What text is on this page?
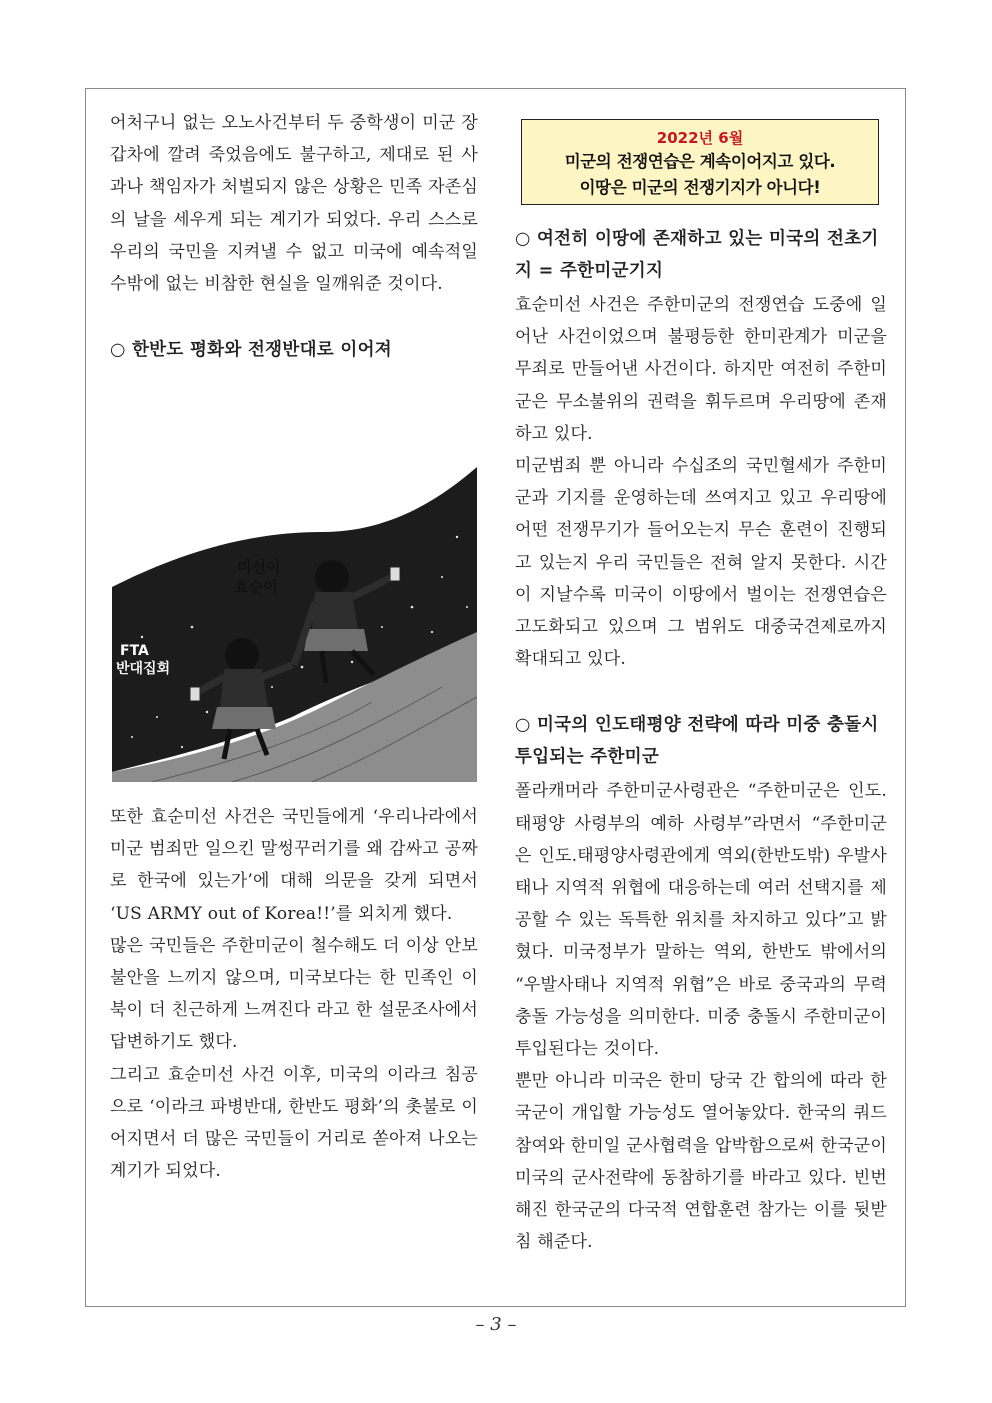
어처구니 없는 오노사건부터 두 중학생이 미군 장갑차에 깔려 죽었음에도 불구하고, 제대로 된 사과나 책임자가 처벌되지 않은 상황은 민족 자존심의 날을 세우게 되는 계기가 되었다. 우리 스스로 우리의 국민을 지켜낼 수 없고 미국에 예속적일 수밖에 없는 비참한 현실을 일깨워준 것이다.

○ 한반도 평화와 전쟁반대로 이어져
미선이
효순이
FTA
반대집회

또한 효순미선 사건은 국민들에게 ‘우리나라에서 미군 범죄만 일으킨 말썽꾸러기를 왜 감싸고 공짜로 한국에 있는가’에 대해 의문을 갖게 되면서 ‘US ARMY out of Korea!!’를 외치게 했다.

많은 국민들은 주한미군이 철수해도 더 이상 안보 불안을 느끼지 않으며, 미국보다는 한 민족인 이북이 더 친근하게 느껴진다 라고 한 설문조사에서 답변하기도 했다.

그리고 효순미선 사건 이후, 미국의 이라크 침공으로 ‘이라크 파병반대, 한반도 평화’의 촛불로 이어지면서 더 많은 국민들이 거리로 쏟아져 나오는 계기가 되었다.

2022년 6월
미군의 전쟁연습은 계속이어지고 있다.
이땅은 미군의 전쟁기지가 아니다!
○ 여전히 이땅에 존재하고 있는 미국의 전초기지 = 주한미군기지

효순미선 사건은 주한미군의 전쟁연습 도중에 일어난 사건이었으며 불평등한 한미관계가 미군을 무죄로 만들어낸 사건이다. 하지만 여전히 주한미군은 무소불위의 권력을 휘두르며 우리땅에 존재하고 있다.

미군범죄 뿐 아니라 수십조의 국민혈세가 주한미군과 기지를 운영하는데 쓰여지고 있고 우리땅에 어떤 전쟁무기가 들어오는지 무슨 훈련이 진행되고 있는지 우리 국민들은 전혀 알지 못한다. 시간이 지날수록 미국이 이땅에서 벌이는 전쟁연습은 고도화되고 있으며 그 범위도 대중국견제로까지 확대되고 있다.

○ 미국의 인도태평양 전략에 따라 미중 충돌시 투입되는 주한미군

폴라캐머라 주한미군사령관은 “주한미군은 인도.태평양 사령부의 예하 사령부”라면서 “주한미군은 인도.태평양사령관에게 역외(한반도밖) 우발사태나 지역적 위협에 대응하는데 여러 선택지를 제공할 수 있는 독특한 위치를 차지하고 있다”고 밝혔다. 미국정부가 말하는 역외, 한반도 밖에서의 “우발사태나 지역적 위협”은 바로 중국과의 무력충돌 가능성을 의미한다. 미중 충돌시 주한미군이 투입된다는 것이다.

뿐만 아니라 미국은 한미 당국 간 합의에 따라 한국군이 개입할 가능성도 열어놓았다. 한국의 쿼드 참여와 한미일 군사협력을 압박함으로써 한국군이 미국의 군사전략에 동참하기를 바라고 있다. 빈번해진 한국군의 다국적 연합훈련 참가는 이를 뒷받침 해준다.

– 3 –
